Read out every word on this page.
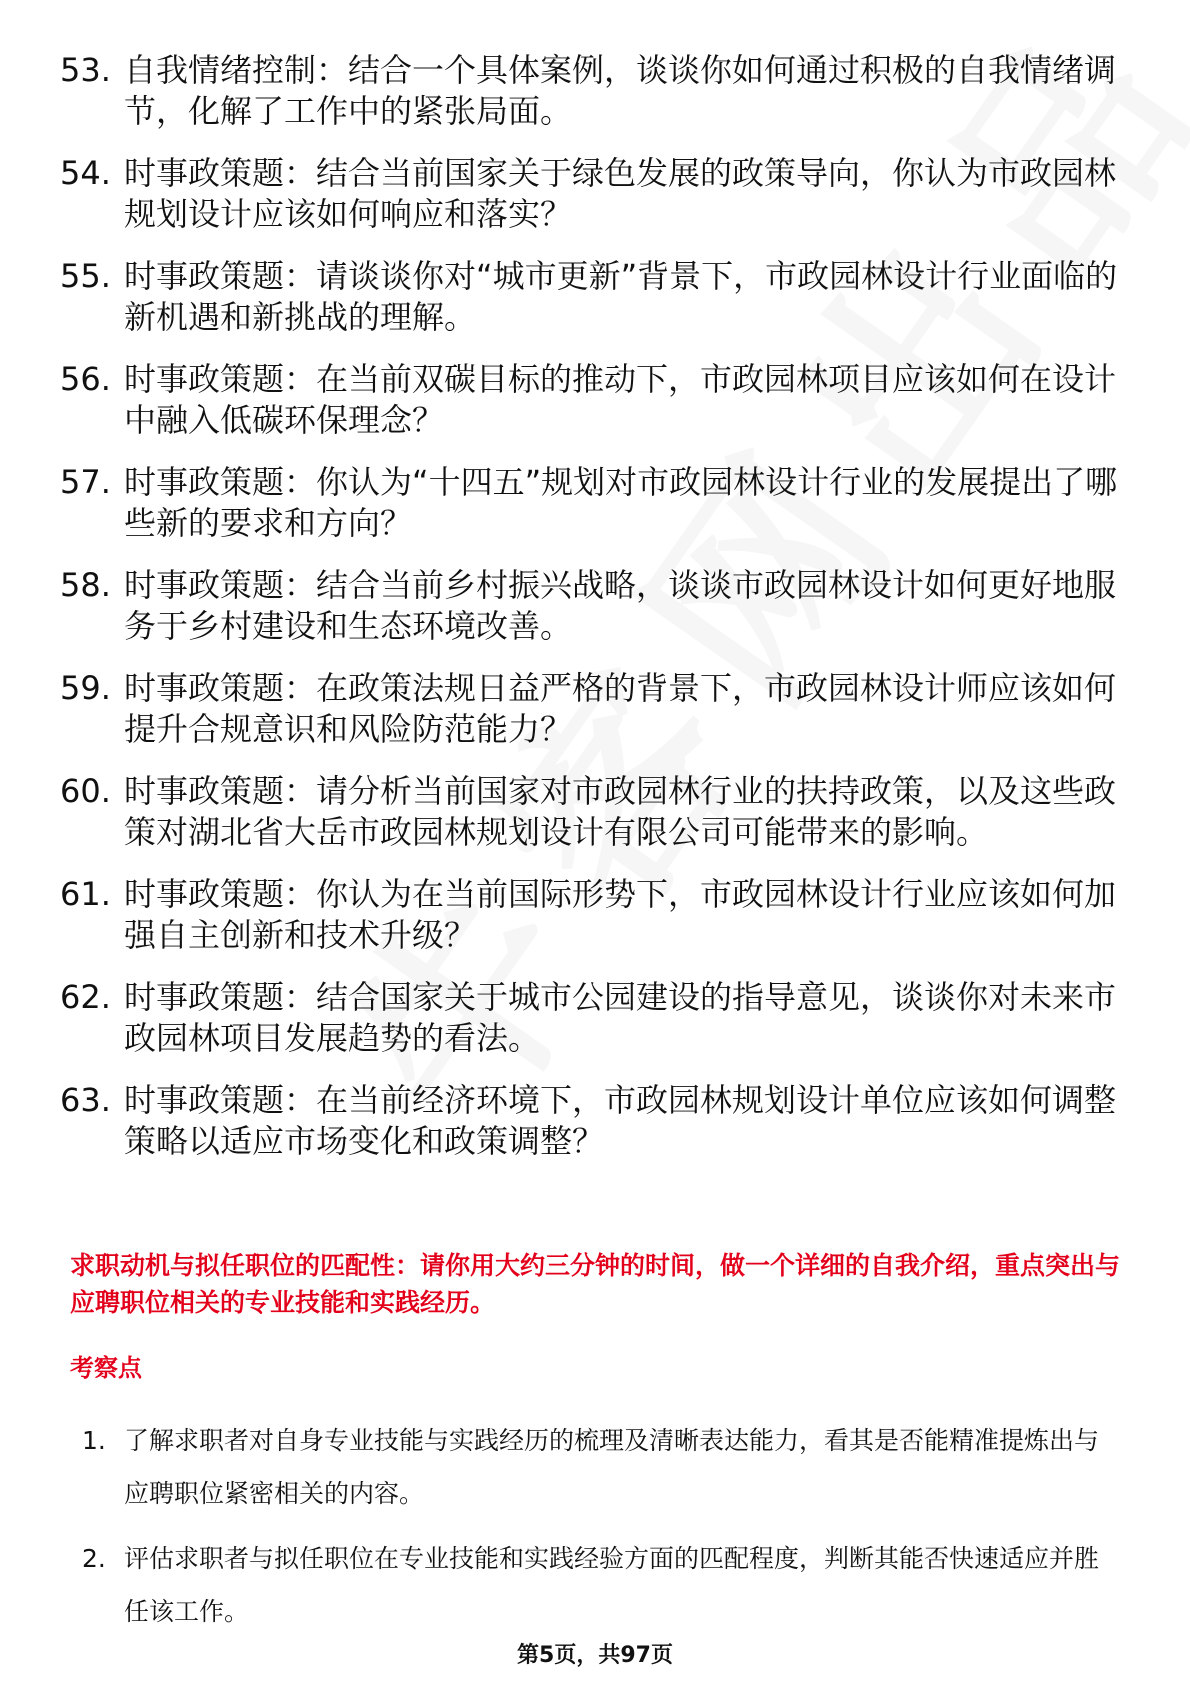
53. 自我情绪控制：结合一个具体案例，谈谈你如何通过积极的自我情绪调节，化解了工作中的紧张局面。
54. 时事政策题：结合当前国家关于绿色发展的政策导向，你认为市政园林规划设计应该如何响应和落实？
55. 时事政策题：请谈谈你对“城市更新”背景下，市政园林设计行业面临的新机遇和新挑战的理解。
56. 时事政策题：在当前双碳目标的推动下，市政园林项目应该如何在设计中融入低碳环保理念？
57. 时事政策题：你认为“十四五”规划对市政园林设计行业的发展提出了哪些新的要求和方向？
58. 时事政策题：结合当前乡村振兴战略，谈谈市政园林设计如何更好地服务于乡村建设和生态环境改善。
59. 时事政策题：在政策法规日益严格的背景下，市政园林设计师应该如何提升合规意识和风险防范能力？
60. 时事政策题：请分析当前国家对市政园林行业的扶持政策，以及这些政策对湖北省大岳市政园林规划设计有限公司可能带来的影响。
61. 时事政策题：你认为在当前国际形势下，市政园林设计行业应该如何加强自主创新和技术升级？
62. 时事政策题：结合国家关于城市公园建设的指导意见，谈谈你对未来市政园林项目发展趋势的看法。
63. 时事政策题：在当前经济环境下，市政园林规划设计单位应该如何调整策略以适应市场变化和政策调整？
求职动机与拟任职位的匹配性：请你用大约三分钟的时间，做一个详细的自我介绍，重点突出与应聘职位相关的专业技能和实践经历。
考察点
1. 了解求职者对自身专业技能与实践经历的梳理及清晰表达能力，看其是否能精准提炼出与应聘职位紧密相关的内容。
2. 评估求职者与拟任职位在专业技能和实践经验方面的匹配程度，判断其能否快速适应并胜任该工作。
第5页，共97页
